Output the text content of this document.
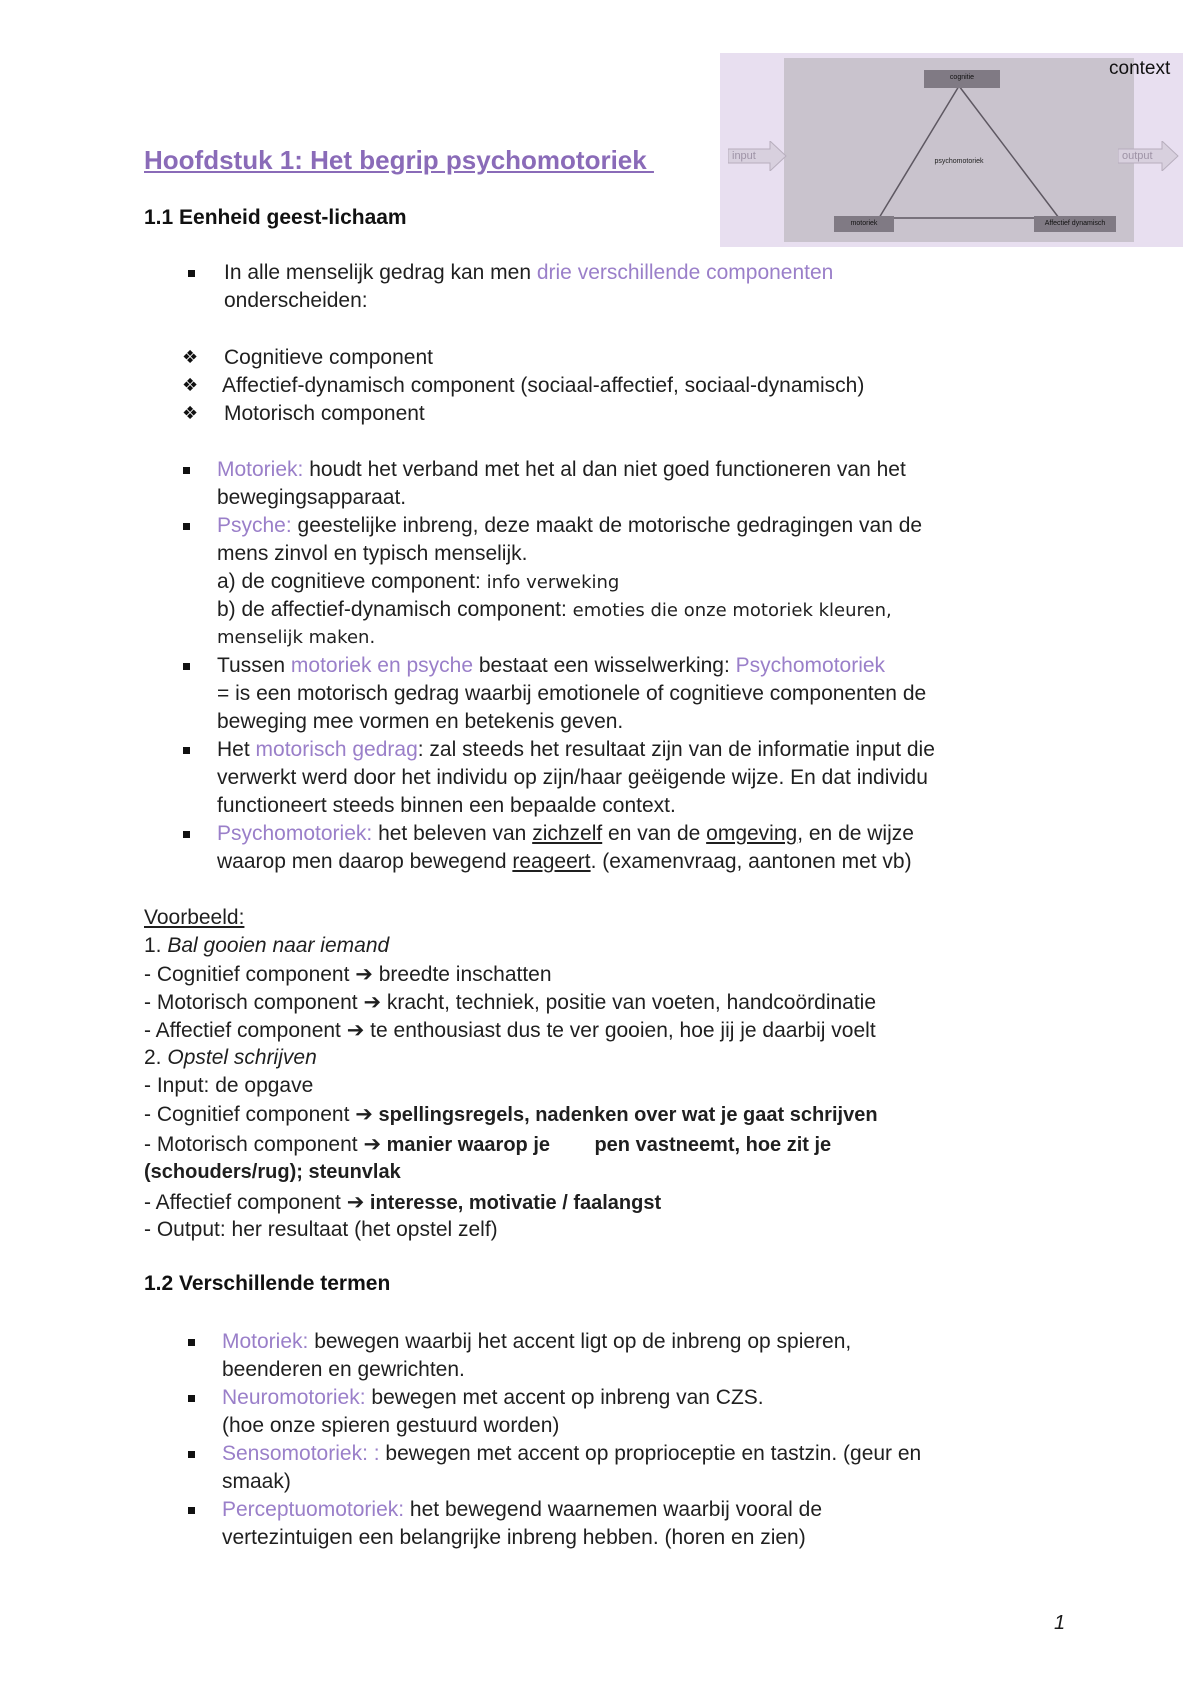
context
cognitie
psychomotoriek
motoriek	Affectief dynamisch
input	output
Hoofdstuk 1: Het begrip psychomotoriek
1.1 Eenheid geest-lichaam
In alle menselijk gedrag kan men drie verschillende componenten
onderscheiden:
❖ Cognitieve component
❖ Affectief-dynamisch component (sociaal-affectief, sociaal-dynamisch)
❖ Motorisch component
Motoriek: houdt het verband met het al dan niet goed functioneren van het
bewegingsapparaat.
Psyche: geestelijke inbreng, deze maakt de motorische gedragingen van de
mens zinvol en typisch menselijk.
a) de cognitieve component: info verweking
b) de affectief-dynamisch component: emoties die onze motoriek kleuren,
menselijk maken.
Tussen motoriek en psyche bestaat een wisselwerking: Psychomotoriek
= is een motorisch gedrag waarbij emotionele of cognitieve componenten de
beweging mee vormen en betekenis geven.
Het motorisch gedrag: zal steeds het resultaat zijn van de informatie input die
verwerkt werd door het individu op zijn/haar geëigende wijze. En dat individu
functioneert steeds binnen een bepaalde context.
Psychomotoriek: het beleven van zichzelf en van de omgeving, en de wijze
waarop men daarop bewegend reageert. (examenvraag, aantonen met vb)
Voorbeeld:
1. Bal gooien naar iemand
- Cognitief component ➔ breedte inschatten
- Motorisch component ➔ kracht, techniek, positie van voeten, handcoördinatie
- Affectief component ➔ te enthousiast dus te ver gooien, hoe jij je daarbij voelt
2. Opstel schrijven
- Input: de opgave
- Cognitief component ➔ spellingsregels, nadenken over wat je gaat schrijven
- Motorisch component ➔ manier waarop je        pen vastneemt, hoe zit je
(schouders/rug); steunvlak
- Affectief component ➔ interesse, motivatie / faalangst
- Output: her resultaat (het opstel zelf)
1.2 Verschillende termen
Motoriek: bewegen waarbij het accent ligt op de inbreng op spieren,
beenderen en gewrichten.
Neuromotoriek: bewegen met accent op inbreng van CZS.
(hoe onze spieren gestuurd worden)
Sensomotoriek: : bewegen met accent op proprioceptie en tastzin. (geur en
smaak)
Perceptuomotoriek: het bewegend waarnemen waarbij vooral de
vertezintuigen een belangrijke inbreng hebben. (horen en zien)
1
